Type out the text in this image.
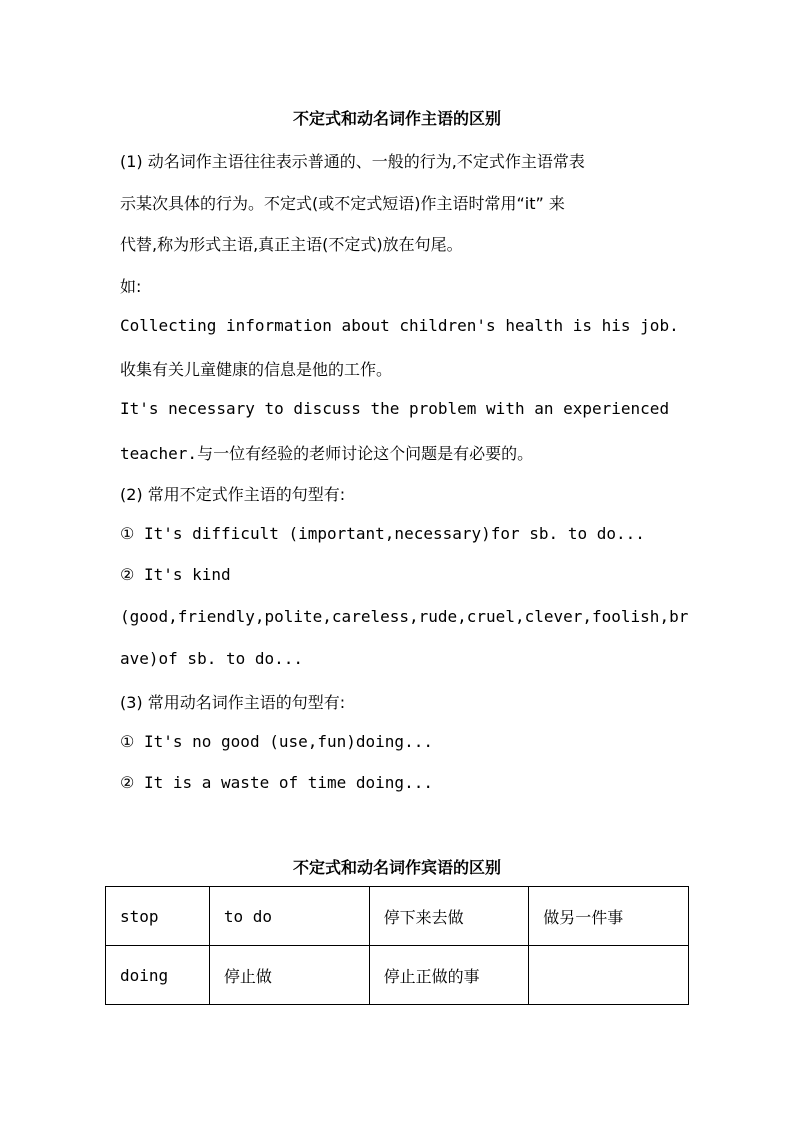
不定式和动名词作主语的区别
(1) 动名词作主语往往表示普通的、一般的行为,不定式作主语常表
示某次具体的行为。不定式(或不定式短语)作主语时常用“it” 来
代替,称为形式主语,真正主语(不定式)放在句尾。
如:
Collecting information about children's health is his job.
收集有关儿童健康的信息是他的工作。
It's necessary to discuss the problem with an experienced
teacher.与一位有经验的老师讨论这个问题是有必要的。
(2) 常用不定式作主语的句型有:
① It's difficult (important,necessary)for sb. to do...
② It's kind
(good,friendly,polite,careless,rude,cruel,clever,foolish,br
ave)of sb. to do...
(3) 常用动名词作主语的句型有:
① It's no good (use,fun)doing...
② It is a waste of time doing...
不定式和动名词作宾语的区别
stop	to do	停下来去做	做另一件事
doing	停止做	停止正做的事	
